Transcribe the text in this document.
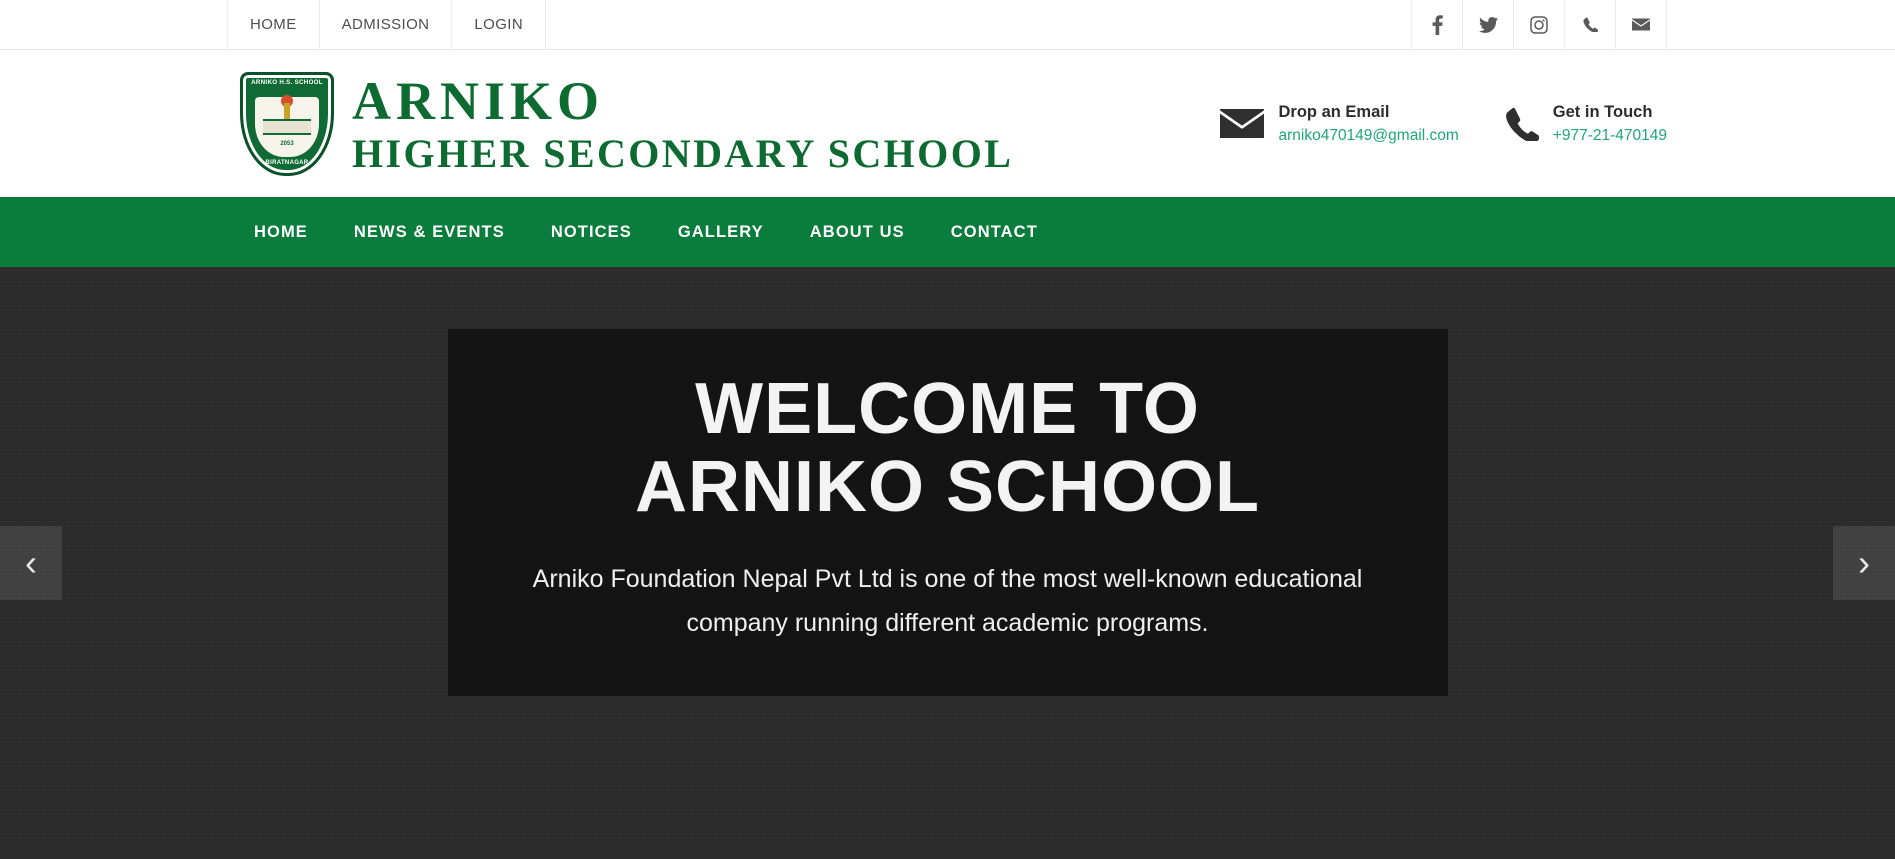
HOME	ADMISSION	LOGIN
ARNIKO H.S. SCHOOL
2053
BIRATNAGAR
ARNIKO
HIGHER SECONDARY SCHOOL
Drop an Email
arniko470149@gmail.com
Get in Touch
+977-21-470149
HOME	NEWS & EVENTS	NOTICES	GALLERY	ABOUT US	CONTACT
‹	›
WELCOME TO
ARNIKO SCHOOL
Arniko Foundation Nepal Pvt Ltd is one of the most well-known educational company running different academic programs.
